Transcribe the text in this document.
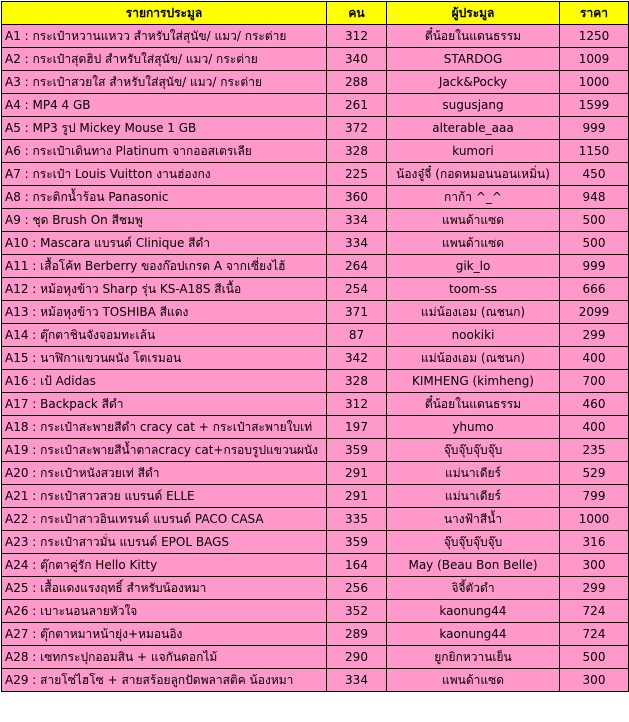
รายการประมูล	คน	ผู้ประมูล	ราคา
A1 : กระเป๋าหวานแหวว สำหรับใส่สุนัข/ แมว/ กระต่าย	312	ตี๋น้อยในแดนธรรม	1250
A2 : กระเป๋าสุดฮิป สำหรับใส่สุนัข/ แมว/ กระต่าย	340	STARDOG	1009
A3 : กระเป๋าสวยใส สำหรับใส่สุนัข/ แมว/ กระต่าย	288	Jack&Pocky	1000
A4 : MP4 4 GB	261	sugusjang	1599
A5 : MP3 รูป Mickey Mouse 1 GB	372	alterable_aaa	999
A6 : กระเป๋าเดินทาง Platinum จากออสเตรเลีย	328	kumori	1150
A7 : กระเป๋า Louis Vuitton งานฮ่องกง	225	น้องจู๋จี๋ (กอดหมอนนอนเหมิ่น)	450
A8 : กระติกน้ำร้อน Panasonic	360	กาก้า ^_^	948
A9 : ชุด Brush On สีชมพู	334	แพนด้าแซด	500
A10 : Mascara แบรนด์ Clinique สีดำ	334	แพนด้าแซด	500
A11 : เสื้อโค้ท Berberry ของก๊อปเกรด A จากเซี่ยงไฮ้	264	gik_lo	999
A12 : หม้อหุงข้าว Sharp รุ่น KS-A18S สีเนื้อ	254	toom-ss	666
A13 : หม้อหุงข้าว TOSHIBA สีแดง	371	แม่น้องเอม (ณชนก)	2099
A14 : ตุ๊กตาชินจังจอมทะเล้น	87	nookiki	299
A15 : นาฬิกาแขวนผนัง โตเรมอน	342	แม่น้องเอม (ณชนก)	400
A16 : เป้ Adidas	328	KIMHENG (kimheng)	700
A17 : Backpack สีดำ	312	ตี๋น้อยในแดนธรรม	460
A18 : กระเป๋าสะพายสีดำ cracy cat + กระเป๋าสะพายใบเท่	197	yhumo	400
A19 : กระเป๋าสะพายสีน้ำตาลcracy cat+กรอบรูปแขวนผนัง	359	จุ๊บจุ๊บจุ๊บจุ๊บ	235
A20 : กระเป๋าหนังสวยเท่ สีดำ	291	แม่นาเดียร์	529
A21 : กระเป๋าสาวสวย แบรนด์ ELLE	291	แม่นาเดียร์	799
A22 : กระเป๋าสาวอินเทรนด์ แบรนด์ PACO CASA	335	นางฟ้าสีน้ำ	1000
A23 : กระเป๋าสาวมั่น แบรนด์ EPOL BAGS	359	จุ๊บจุ๊บจุ๊บจุ๊บ	316
A24 : ตุ๊กตาคู่รัก Hello Kitty	164	May (Beau Bon Belle)	300
A25 : เสื้อแดงแรงฤทธิ์ สำหรับน้องหมา	256	จิจี้ตัวดำ	299
A26 : เบาะนอนลายหัวใจ	352	kaonung44	724
A27 : ตุ๊กตาหมาหน้ายุ่ง+หมอนอิง	289	kaonung44	724
A28 : เซทกระปุกออมสิน + แจกันดอกไม้	290	ยูกยิกหวานเย็น	500
A29 : สายโซ่ไฮโซ + สายสร้อยลูกปัดพลาสติค น้องหมา	334	แพนด้าแซด	300
